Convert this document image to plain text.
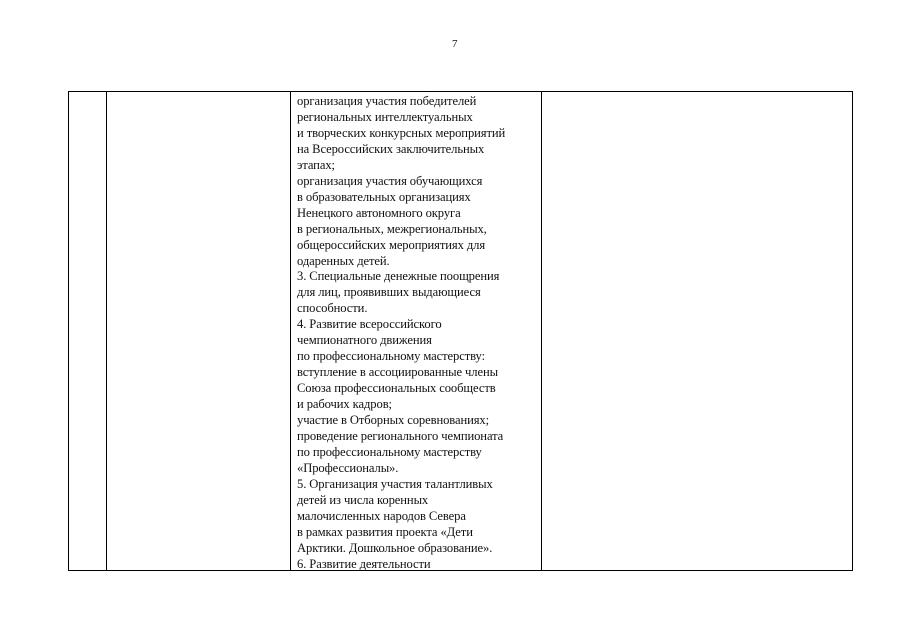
7
организация участия победителей
региональных интеллектуальных
и творческих конкурсных мероприятий
на Всероссийских заключительных
этапах;
организация участия обучающихся
в образовательных организациях
Ненецкого автономного округа
в региональных, межрегиональных,
общероссийских мероприятиях для
одаренных детей.
3. Специальные денежные поощрения
для лиц, проявивших выдающиеся
способности.
4. Развитие всероссийского
чемпионатного движения
по профессиональному мастерству:
вступление в ассоциированные члены
Союза профессиональных сообществ
и рабочих кадров;
участие в Отборных соревнованиях;
проведение регионального чемпионата
по профессиональному мастерству
«Профессионалы».
5. Организация участия талантливых
детей из числа коренных
малочисленных народов Севера
в рамках развития проекта «Дети
Арктики. Дошкольное образование».
6. Развитие деятельности
